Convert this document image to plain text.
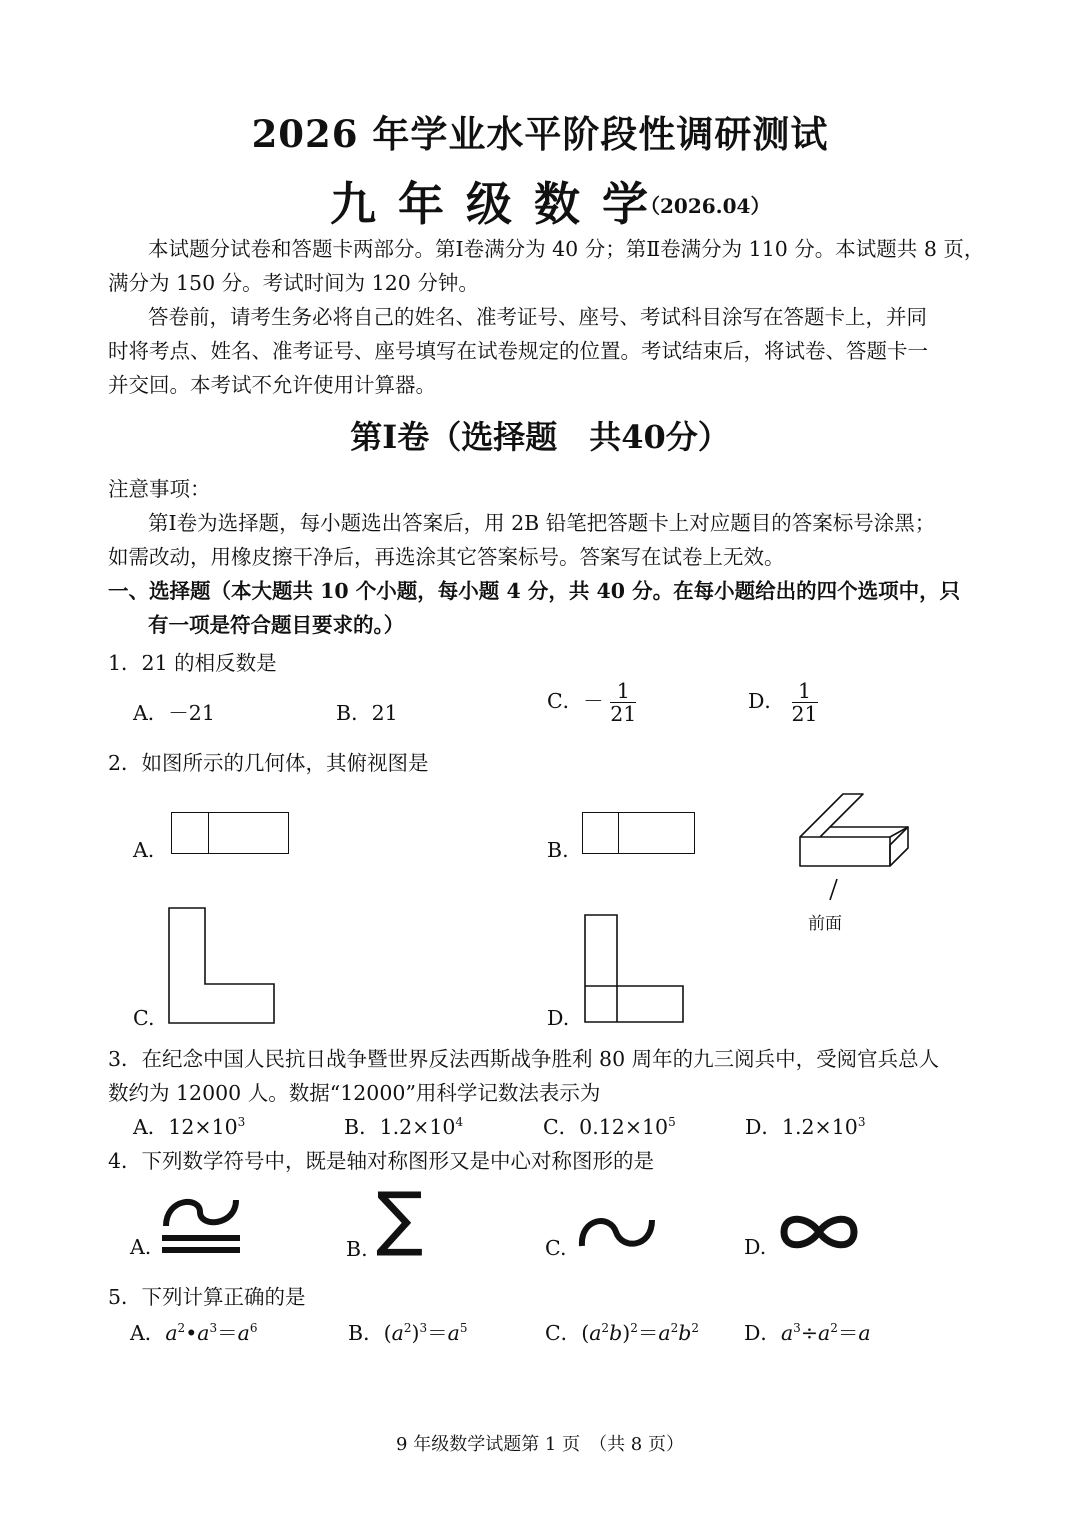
2026 年学业水平阶段性调研测试
九年级数学
（2026.04）
本试题分试卷和答题卡两部分。第Ⅰ卷满分为 40 分；第Ⅱ卷满分为 110 分。本试题共 8 页，
满分为 150 分。考试时间为 120 分钟。
答卷前，请考生务必将自己的姓名、准考证号、座号、考试科目涂写在答题卡上，并同
时将考点、姓名、准考证号、座号填写在试卷规定的位置。考试结束后，将试卷、答题卡一
并交回。本考试不允许使用计算器。
第Ⅰ卷（选择题　共40分）
注意事项：
第Ⅰ卷为选择题，每小题选出答案后，用 2B 铅笔把答题卡上对应题目的答案标号涂黑；
如需改动，用橡皮擦干净后，再选涂其它答案标号。答案写在试卷上无效。
一、选择题（本大题共 10 个小题，每小题 4 分，共 40 分。在每小题给出的四个选项中，只
有一项是符合题目要求的。）
1．21 的相反数是
A．－21	B．21	C．－ $\frac{1}{21}$	D． $\frac{1}{21}$
2．如图所示的几何体，其俯视图是
A.	B.
前面
C.	D.
3．在纪念中国人民抗日战争暨世界反法西斯战争胜利 80 周年的九三阅兵中，受阅官兵总人
数约为 12000 人。数据“12000”用科学记数法表示为
A．$12\times 10^3$	B．$1.2\times 10^4$	C．$0.12\times 10^5$	D．$1.2\times 10^3$
4．下列数学符号中，既是轴对称图形又是中心对称图形的是
A.	B. ∑	C.	D.
5．下列计算正确的是
A．$a^2•a^3=a^6$	B．$(a^2)^3=a^5$	C．$(a^2b)^2=a^2b^2$ D．$a^3\div a^2=a$
9 年级数学试题第 1 页　（共 8 页）
